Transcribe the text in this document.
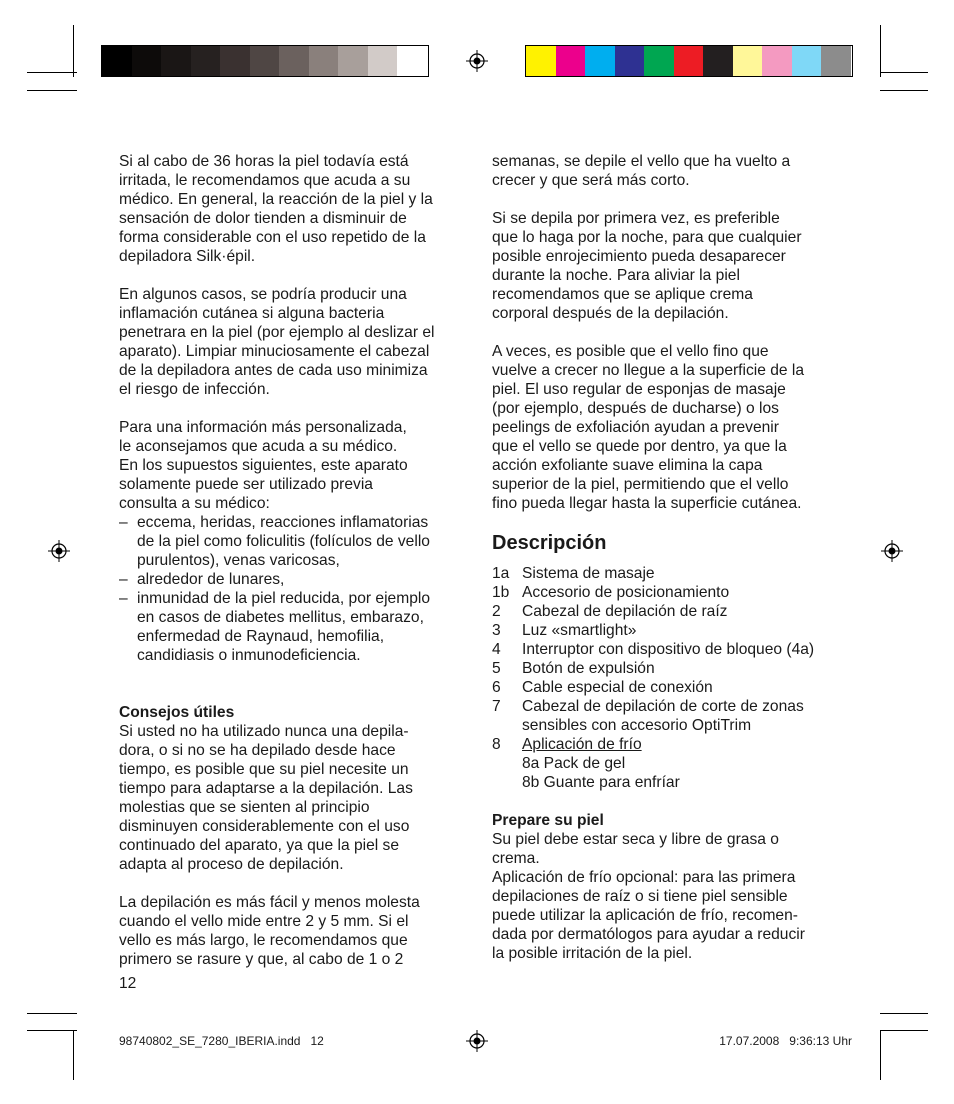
Si al cabo de 36 horas la piel todavía está
irritada, le recomendamos que acuda a su
médico. En general, la reacción de la piel y la
sensación de dolor tienden a disminuir de
forma considerable con el uso repetido de la
depiladora Silk·épil.

En algunos casos, se podría producir una
inflamación cutánea si alguna bacteria
penetrara en la piel (por ejemplo al deslizar el
aparato). Limpiar minuciosamente el cabezal
de la depiladora antes de cada uso minimiza
el riesgo de infección.

Para una información más personalizada,
le aconsejamos que acuda a su médico.
En los supuestos siguientes, este aparato
solamente puede ser utilizado previa
consulta a su médico:

– eccema, heridas, reacciones inflamatorias
de la piel como foliculitis (folículos de vello
purulentos), venas varicosas,
– alrededor de lunares,
– inmunidad de la piel reducida, por ejemplo
en casos de diabetes mellitus, embarazo,
enfermedad de Raynaud, hemofilia,
candidiasis o inmunodeficiencia.
Consejos útiles

Si usted no ha utilizado nunca una depila-
dora, o si no se ha depilado desde hace
tiempo, es posible que su piel necesite un
tiempo para adaptarse a la depilación. Las
molestias que se sienten al principio
disminuyen considerablemente con el uso
continuado del aparato, ya que la piel se
adapta al proceso de depilación.

La depilación es más fácil y menos molesta
cuando el vello mide entre 2 y 5 mm. Si el
vello es más largo, le recomendamos que
primero se rasure y que, al cabo de 1 o 2

12

semanas, se depile el vello que ha vuelto a
crecer y que será más corto.

Si se depila por primera vez, es preferible
que lo haga por la noche, para que cualquier
posible enrojecimiento pueda desaparecer
durante la noche. Para aliviar la piel
recomendamos que se aplique crema
corporal después de la depilación.

A veces, es posible que el vello fino que
vuelve a crecer no llegue a la superficie de la
piel. El uso regular de esponjas de masaje
(por ejemplo, después de ducharse) o los
peelings de exfoliación ayudan a prevenir
que el vello se quede por dentro, ya que la
acción exfoliante suave elimina la capa
superior de la piel, permitiendo que el vello
fino pueda llegar hasta la superficie cutánea.

Descripción
1a Sistema de masaje
1b Accesorio de posicionamiento
2	Cabezal de depilación de raíz
3	Luz «smartlight»
4	Interruptor con dispositivo de bloqueo (4a)
5	Botón de expulsión
6	Cable especial de conexión
7	Cabezal de depilación de corte de zonas
sensibles con accesorio OptiTrim
8	Aplicación de frío
8a Pack de gel
8b Guante para enfríar
Prepare su piel

Su piel debe estar seca y libre de grasa o
crema.

Aplicación de frío opcional: para las primera
depilaciones de raíz o si tiene piel sensible
puede utilizar la aplicación de frío, recomen-
dada por dermatólogos para ayudar a reducir
la posible irritación de la piel.

98740802_SE_7280_IBERIA.indd   12	17.07.2008   9:36:13 Uhr
